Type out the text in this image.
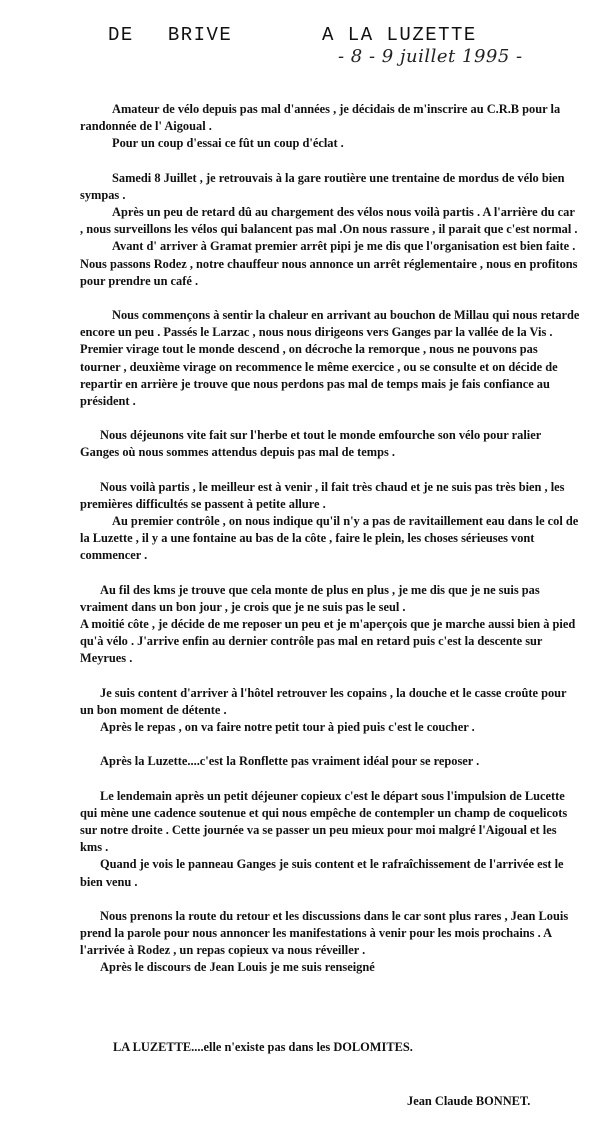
DE BRIVE	A LA LUZETTE
- 8 - 9 juillet 1995 -

Amateur de vélo depuis pas mal d'années , je décidais de m'inscrire au C.R.B pour la randonnée de l' Aigoual .

Pour un coup d'essai ce fût un coup d'éclat .

Samedi 8 Juillet , je retrouvais à la gare routière une trentaine de mordus de vélo bien sympas .

Après un peu de retard dû au chargement des vélos nous voilà partis . A l'arrière du car , nous surveillons les vélos qui balancent pas mal .On nous rassure , il parait que c'est normal .

Avant d' arriver à Gramat premier arrêt pipi je me dis que l'organisation est bien faite . Nous passons Rodez , notre chauffeur nous annonce un arrêt réglementaire , nous en profitons pour prendre un café .

Nous commençons à sentir la chaleur en arrivant au bouchon de Millau qui nous retarde encore un peu . Passés le Larzac , nous nous dirigeons vers Ganges par la vallée de la Vis . Premier virage tout le monde descend , on décroche la remorque , nous ne pouvons pas tourner , deuxième virage on recommence le même exercice , ou se consulte et on décide de repartir en arrière je trouve que nous perdons pas mal de temps mais je fais confiance au président .

Nous déjeunons vite fait sur l'herbe et tout le monde emfourche son vélo pour ralier Ganges où nous sommes attendus depuis pas mal de temps .

Nous voilà partis , le meilleur est à venir , il fait très chaud et je ne suis pas très bien , les premières difficultés se passent à petite allure .

Au premier contrôle , on nous indique qu'il n'y a pas de ravitaillement eau dans le col de la Luzette , il y a une fontaine au bas de la côte , faire le plein, les choses sérieuses vont commencer .

Au fil des kms je trouve que cela monte de plus en plus , je me dis que je ne suis pas vraiment dans un bon jour , je crois que je ne suis pas le seul .

A moitié côte , je décide de me reposer un peu et je m'aperçois que je marche aussi bien à pied qu'à vélo . J'arrive enfin au dernier contrôle pas mal en retard puis c'est la descente sur Meyrues .

Je suis content d'arriver à l'hôtel retrouver les copains , la douche et le casse croûte pour un bon moment de détente .

Après le repas , on va faire notre petit tour à pied puis c'est le coucher .

Après la Luzette....c'est la Ronflette pas vraiment idéal pour se reposer .

Le lendemain après un petit déjeuner copieux c'est le départ sous l'impulsion de Lucette qui mène une cadence soutenue et qui nous empêche de contempler un champ de coquelicots sur notre droite . Cette journée va se passer un peu mieux pour moi malgré l'Aigoual et les kms .

Quand je vois le panneau Ganges je suis content et le rafraîchissement de l'arrivée est le bien venu .

Nous prenons la route du retour et les discussions dans le car sont plus rares , Jean Louis prend la parole pour nous annoncer les manifestations à venir pour les mois prochains . A l'arrivée à Rodez , un repas copieux va nous réveiller .

Après le discours de Jean Louis je me suis renseigné

LA LUZETTE....elle n'existe pas dans les DOLOMITES.
Jean Claude BONNET.
